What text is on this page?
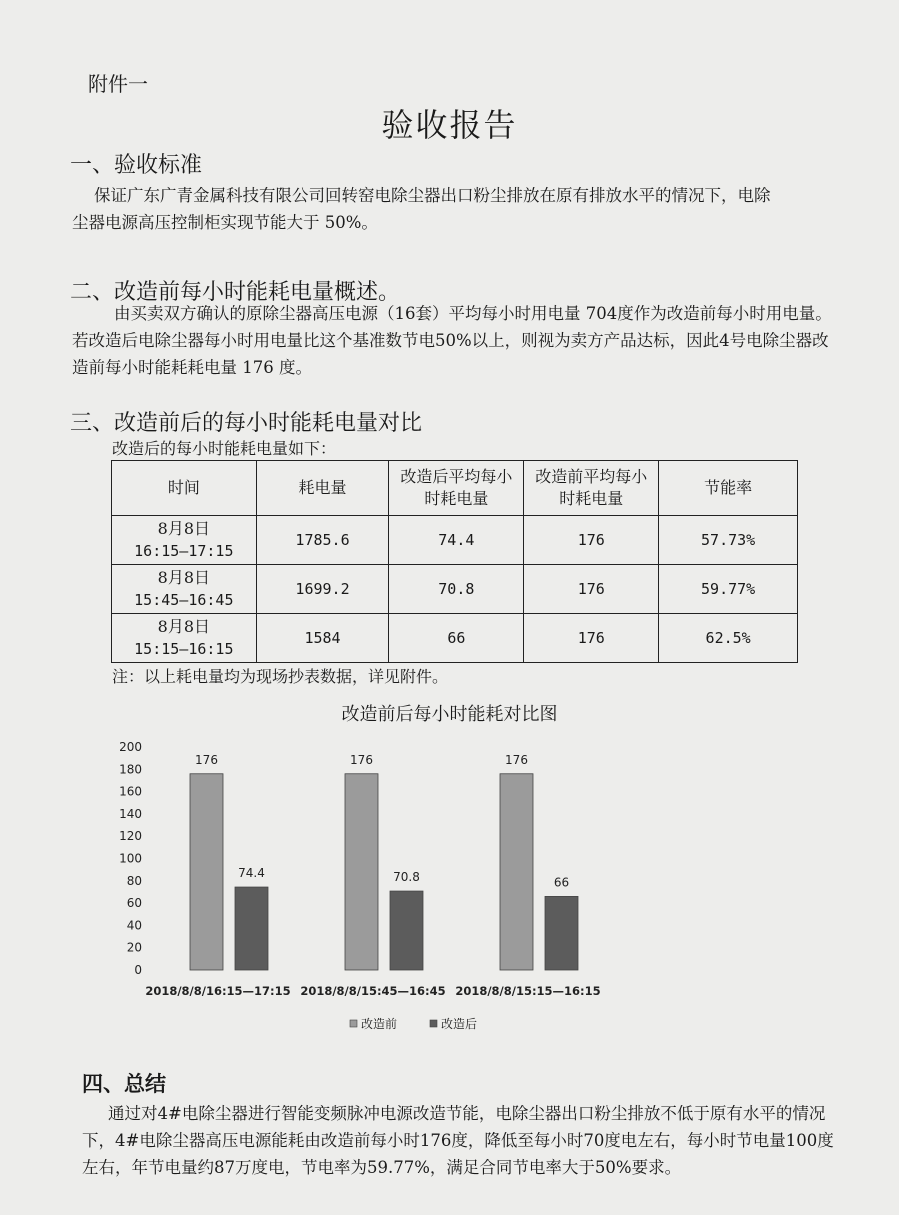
附件一
验收报告
一、验收标准
保证广东广青金属科技有限公司回转窑电除尘器出口粉尘排放在原有排放水平的情况下，电除尘器电源高压控制柜实现节能大于 50%。
二、改造前每小时能耗电量概述。
由买卖双方确认的原除尘器高压电源（16套）平均每小时用电量 704度作为改造前每小时用电量。若改造后电除尘器每小时用电量比这个基准数节电50%以上，则视为卖方产品达标，因此4号电除尘器改造前每小时能耗耗电量 176 度。
三、改造前后的每小时能耗电量对比
改造后的每小时能耗电量如下：
时间	耗电量	改造后平均每小时耗电量	改造前平均每小时耗电量	节能率

8月8日
16:15—17:15	1785.6	74.4	176	57.73%

8月8日
15:45—16:45	1699.2	70.8	176	59.77%

8月8日
15:15—16:15	1584	66	176	62.5%
注：以上耗电量均为现场抄表数据，详见附件。
改造前后每小时能耗对比图
0
20
40
60
80
100
120
140
160
180
200
176
74.4
2018/8/8/16:15—17:15
176
70.8
2018/8/8/15:45—16:45
176
66
2018/8/8/15:15—16:15
改造前	改造后
四、总结
通过对4#电除尘器进行智能变频脉冲电源改造节能，电除尘器出口粉尘排放不低于原有水平的情况下，4#电除尘器高压电源能耗由改造前每小时176度，降低至每小时70度电左右，每小时节电量100度左右，年节电量约87万度电，节电率为59.77%，满足合同节电率大于50%要求。
